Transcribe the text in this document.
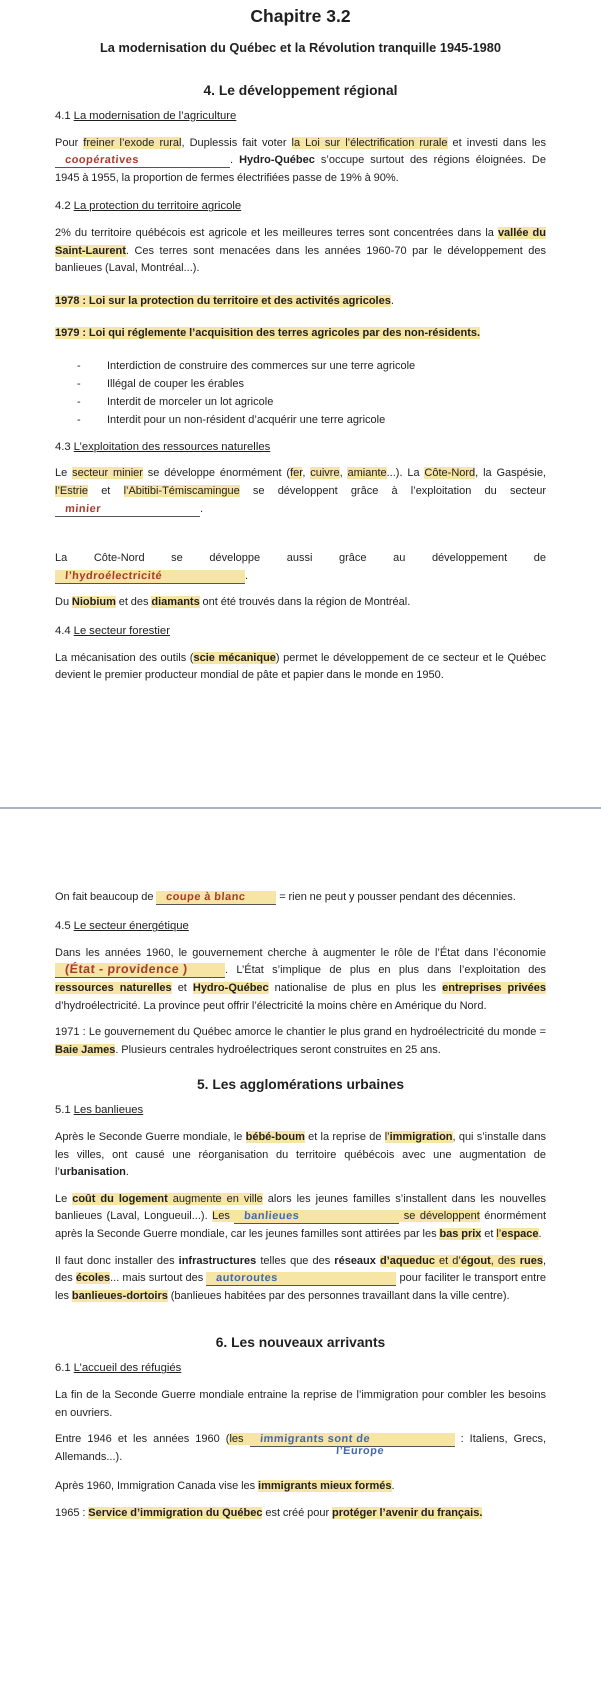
Chapitre 3.2
La modernisation du Québec et la Révolution tranquille 1945-1980
4. Le développement régional

4.1 La modernisation de l’agriculture

Pour freiner l’exode rural, Duplessis fait voter la Loi sur l’électrification rurale et investi dans les coopératives	. Hydro-Québec s’occupe surtout des régions éloignées. De 1945 à 1955, la proportion de fermes électrifiées passe de 19% à 90%.

4.2 La protection du territoire agricole

2% du territoire québécois est agricole et les meilleures terres sont concentrées dans la vallée du Saint-Laurent. Ces terres sont menacées dans les années 1960-70 par le développement des banlieues (Laval, Montréal...).

1978 : Loi sur la protection du territoire et des activités agricoles.

1979 : Loi qui réglemente l’acquisition des terres agricoles par des non-résidents.

- Interdiction de construire des commerces sur une terre agricole
- Illégal de couper les érables
- Interdit de morceler un lot agricole
- Interdit pour un non-résident d’acquérir une terre agricole

4.3 L’exploitation des ressources naturelles

Le secteur minier se développe énormément (fer, cuivre, amiante...). La Côte-Nord, la Gaspésie, l’Estrie et l’Abitibi-Témiscamingue se développent grâce à l’exploitation du secteur minier	.

La Côte-Nord se développe aussi grâce au développement de l’hydroélectricité	.

Du Niobium et des diamants ont été trouvés dans la région de Montréal.

4.4 Le secteur forestier

La mécanisation des outils (scie mécanique) permet le développement de ce secteur et le Québec devient le premier producteur mondial de pâte et papier dans le monde en 1950.

On fait beaucoup de coupe à blanc	= rien ne peut y pousser pendant des décennies.

4.5 Le secteur énergétique

Dans les années 1960, le gouvernement cherche à augmenter le rôle de l’État dans l’économie (État - providence )	. L’État s’implique de plus en plus dans l’exploitation des ressources naturelles et Hydro-Québec nationalise de plus en plus les entreprises privées d’hydroélectricité. La province peut offrir l’électricité la moins chère en Amérique du Nord.

1971 : Le gouvernement du Québec amorce le chantier le plus grand en hydroélectricité du monde = Baie James. Plusieurs centrales hydroélectriques seront construites en 25 ans.

5. Les agglomérations urbaines

5.1 Les banlieues

Après le Seconde Guerre mondiale, le bébé-boum et la reprise de l’immigration, qui s’installe dans les villes, ont causé une réorganisation du territoire québécois avec une augmentation de l’urbanisation.

Le coût du logement augmente en ville alors les jeunes familles s’installent dans les nouvelles banlieues (Laval, Longueuil...). Les banlieues	se développent énormément après la Seconde Guerre mondiale, car les jeunes familles sont attirées par les bas prix et l’espace.

Il faut donc installer des infrastructures telles que des réseaux d’aqueduc et d’égout, des rues, des écoles... mais surtout des autoroutes	pour faciliter le transport entre les banlieues-dortoirs (banlieues habitées par des personnes travaillant dans la ville centre).

6. Les nouveaux arrivants

6.1 L’accueil des réfugiés

La fin de la Seconde Guerre mondiale entraine la reprise de l’immigration pour combler les besoins en ouvriers.

Entre 1946 et les années 1960 (les immigrants sont de
l’Europe
: Italiens, Grecs, Allemands...).

Après 1960, Immigration Canada vise les immigrants mieux formés.

1965 : Service d’immigration du Québec est créé pour protéger l’avenir du français.
